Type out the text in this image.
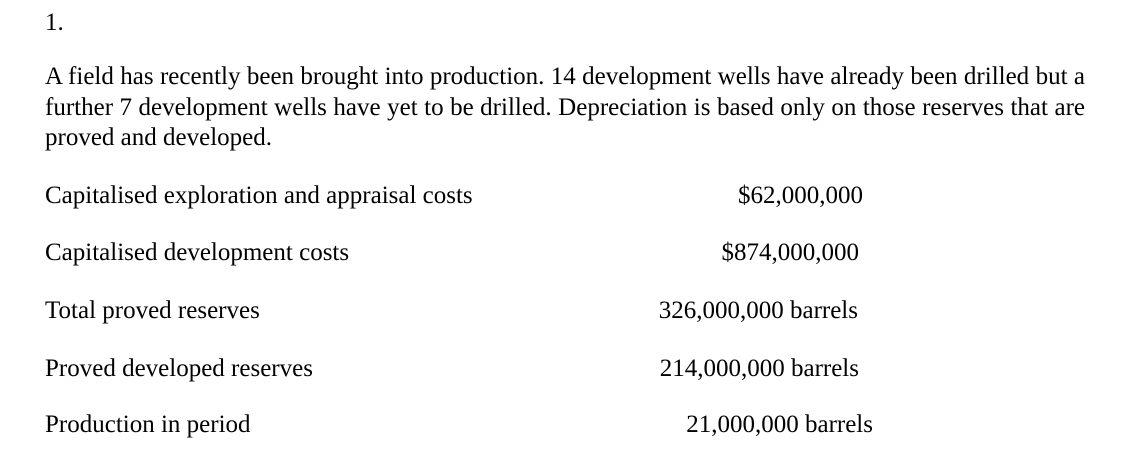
1.
A field has recently been brought into production. 14 development wells have already been drilled but a further 7 development wells have yet to be drilled. Depreciation is based only on those reserves that are proved and developed.
Capitalised exploration and appraisal costs	$62,000,000
Capitalised development costs	$874,000,000
Total proved reserves	326,000,000 barrels
Proved developed reserves	214,000,000 barrels
Production in period	21,000,000 barrels
